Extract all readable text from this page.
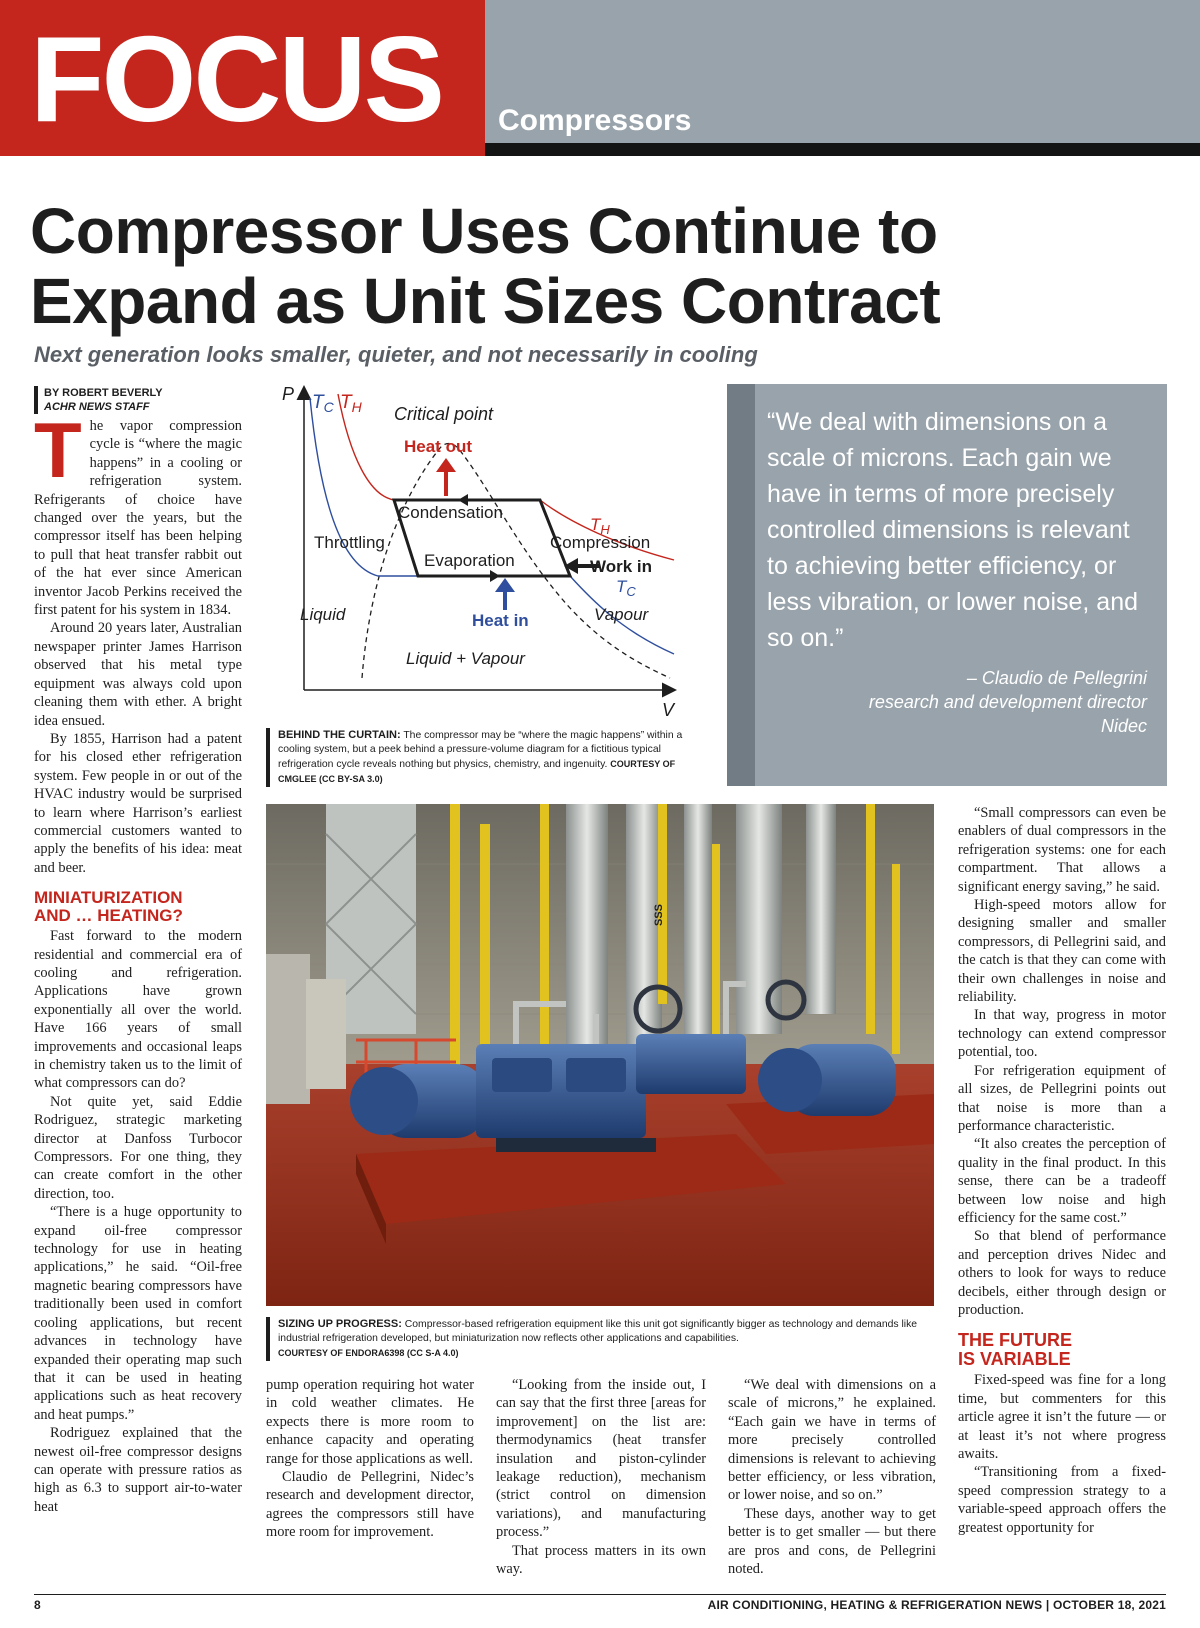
FOCUS Compressors
Compressor Uses Continue to Expand as Unit Sizes Contract
Next generation looks smaller, quieter, and not necessarily in cooling
BY ROBERT BEVERLY
ACHR NEWS STAFF

The vapor compression cycle is “where the magic happens” in a cooling or refrigeration system. Refrigerants of choice have changed over the years, but the compressor itself has been helping to pull that heat transfer rabbit out of the hat ever since American inventor Jacob Perkins received the first patent for his system in 1834.

Around 20 years later, Australian newspaper printer James Harrison observed that his metal type equipment was always cold upon cleaning them with ether. A bright idea ensued.

By 1855, Harrison had a patent for his closed ether refrigeration system. Few people in or out of the HVAC industry would be surprised to learn where Harrison’s earliest commercial customers wanted to apply the benefits of his idea: meat and beer.

MINIATURIZATION
AND … HEATING?

Fast forward to the modern residential and commercial era of cooling and refrigeration. Applications have grown exponentially all over the world. Have 166 years of small improvements and occasional leaps in chemistry taken us to the limit of what compressors can do?

Not quite yet, said Eddie Rodriguez, strategic marketing director at Danfoss Turbocor Compressors. For one thing, they can create comfort in the other direction, too.

“There is a huge opportunity to expand oil-free compressor technology for use in heating applications,” he said. “Oil-free magnetic bearing compressors have traditionally been used in comfort cooling applications, but recent advances in technology have expanded their operating map such that it can be used in heating applications such as heat recovery and heat pumps.”

Rodriguez explained that the newest oil-free compressor designs can operate with pressure ratios as high as 6.3 to support air-to-water heat

P
V
$T_C$ $T_H$ Critical point
Heat out
Condensation
$T_H$
Throttling	Compression
Evaporation	Work in
$T_C$
Liquid	Vapour
Heat in
Liquid + Vapour
BEHIND THE CURTAIN: The compressor may be “where the magic happens” within a cooling system, but a peek behind a pressure-volume diagram for a fictitious typical refrigeration cycle reveals nothing but physics, chemistry, and ingenuity. COURTESY OF CMGLEE (CC BY-SA 3.0)
“We deal with dimensions on a scale of microns. Each gain we have in terms of more precisely controlled dimensions is relevant to achieving better efficiency, or less vibration, or lower noise, and so on.”
– Claudio de Pellegrini
research and development director
Nidec
SSS
SIZING UP PROGRESS: Compressor-based refrigeration equipment like this unit got significantly bigger as technology and demands like industrial refrigeration developed, but miniaturization now reflects other applications and capabilities.
COURTESY OF ENDORA6398 (CC S-A 4.0)

pump operation requiring hot water in cold weather climates. He expects there is more room to enhance capacity and operating range for those applications as well.

Claudio de Pellegrini, Nidec’s research and development director, agrees the compressors still have more room for improvement.

“Looking from the inside out, I can say that the first three [areas for improvement] on the list are: thermodynamics (heat transfer insulation and piston-cylinder leakage reduction), mechanism (strict control on dimension variations), and manufacturing process.”

That process matters in its own way.

“We deal with dimensions on a scale of microns,” he explained. “Each gain we have in terms of more precisely controlled dimensions is relevant to achieving better efficiency, or less vibration, or lower noise, and so on.”

These days, another way to get better is to get smaller — but there are pros and cons, de Pellegrini noted.

“Small compressors can even be enablers of dual compressors in the refrigeration systems: one for each compartment. That allows a significant energy saving,” he said.

High-speed motors allow for designing smaller and smaller compressors, di Pellegrini said, and the catch is that they can come with their own challenges in noise and reliability.

In that way, progress in motor technology can extend compressor potential, too.

For refrigeration equipment of all sizes, de Pellegrini points out that noise is more than a performance characteristic.

“It also creates the perception of quality in the final product. In this sense, there can be a tradeoff between low noise and high efficiency for the same cost.”

So that blend of performance and perception drives Nidec and others to look for ways to reduce decibels, either through design or production.

THE FUTURE
IS VARIABLE

Fixed-speed was fine for a long time, but commenters for this article agree it isn’t the future — or at least it’s not where progress awaits.

“Transitioning from a fixed-speed compression strategy to a variable-speed approach offers the greatest opportunity for

8	AIR CONDITIONING, HEATING & REFRIGERATION NEWS | OCTOBER 18, 2021
